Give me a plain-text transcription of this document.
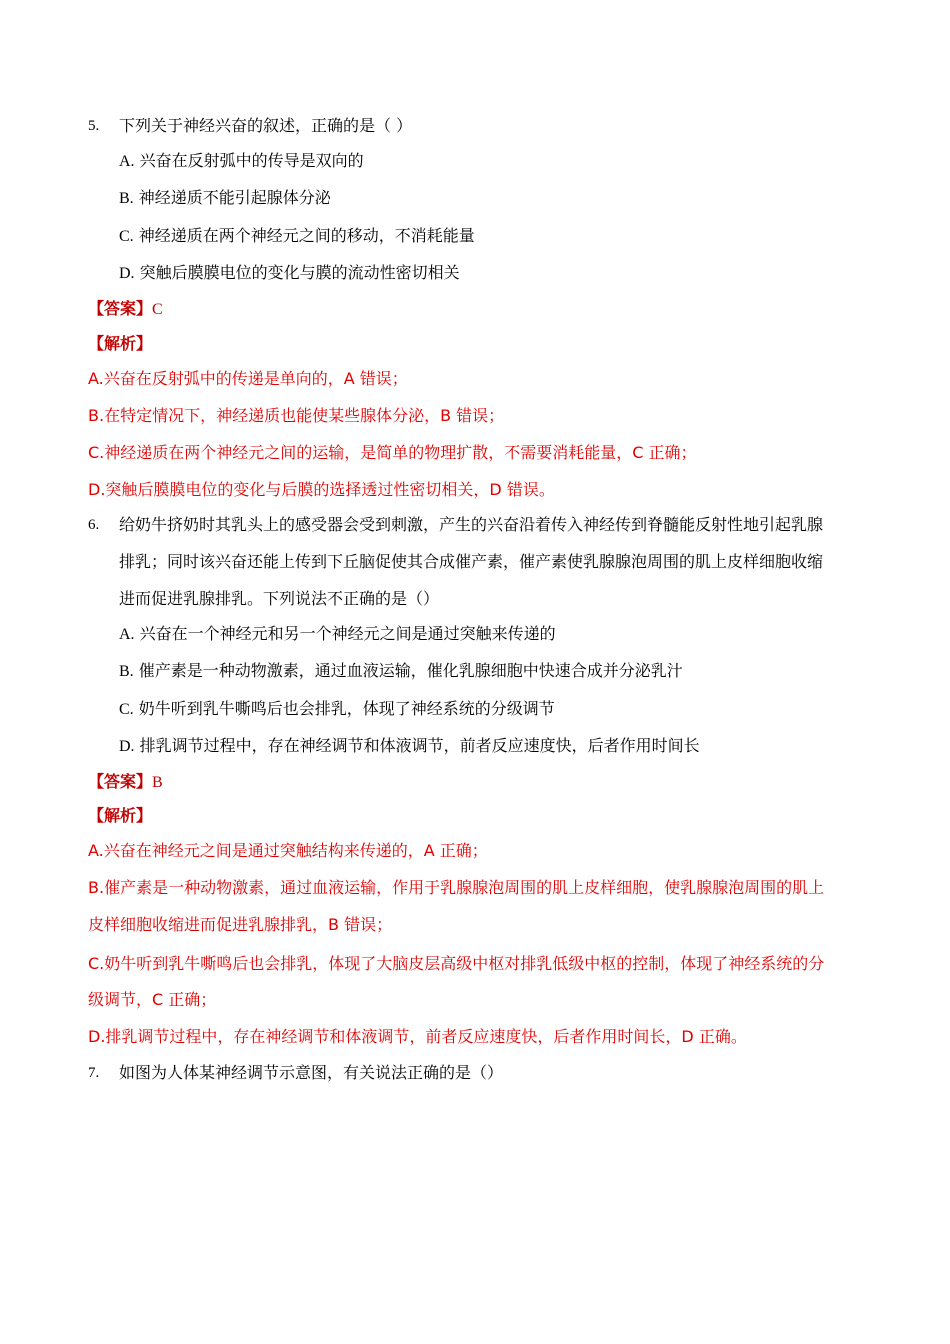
5. 下列关于神经兴奋的叙述，正确的是（ ）
A. 兴奋在反射弧中的传导是双向的
B. 神经递质不能引起腺体分泌
C. 神经递质在两个神经元之间的移动，不消耗能量
D. 突触后膜膜电位的变化与膜的流动性密切相关
【答案】C
【解析】
A.兴奋在反射弧中的传递是单向的，A 错误；
B.在特定情况下，神经递质也能使某些腺体分泌，B 错误；
C.神经递质在两个神经元之间的运输，是简单的物理扩散，不需要消耗能量，C 正确；
D.突触后膜膜电位的变化与后膜的选择透过性密切相关，D 错误。
6. 给奶牛挤奶时其乳头上的感受器会受到刺激，产生的兴奋沿着传入神经传到脊髓能反射性地引起乳腺
排乳；同时该兴奋还能上传到下丘脑促使其合成催产素，催产素使乳腺腺泡周围的肌上皮样细胞收缩
进而促进乳腺排乳。下列说法不正确的是（）
A. 兴奋在一个神经元和另一个神经元之间是通过突触来传递的
B. 催产素是一种动物激素，通过血液运输，催化乳腺细胞中快速合成并分泌乳汁
C. 奶牛听到乳牛嘶鸣后也会排乳，体现了神经系统的分级调节
D. 排乳调节过程中，存在神经调节和体液调节，前者反应速度快，后者作用时间长
【答案】B
【解析】
A.兴奋在神经元之间是通过突触结构来传递的，A 正确；
B.催产素是一种动物激素，通过血液运输，作用于乳腺腺泡周围的肌上皮样细胞，使乳腺腺泡周围的肌上
皮样细胞收缩进而促进乳腺排乳，B 错误；
C.奶牛听到乳牛嘶鸣后也会排乳，体现了大脑皮层高级中枢对排乳低级中枢的控制，体现了神经系统的分
级调节，C 正确；
D.排乳调节过程中，存在神经调节和体液调节，前者反应速度快，后者作用时间长，D 正确。
7. 如图为人体某神经调节示意图，有关说法正确的是（）
